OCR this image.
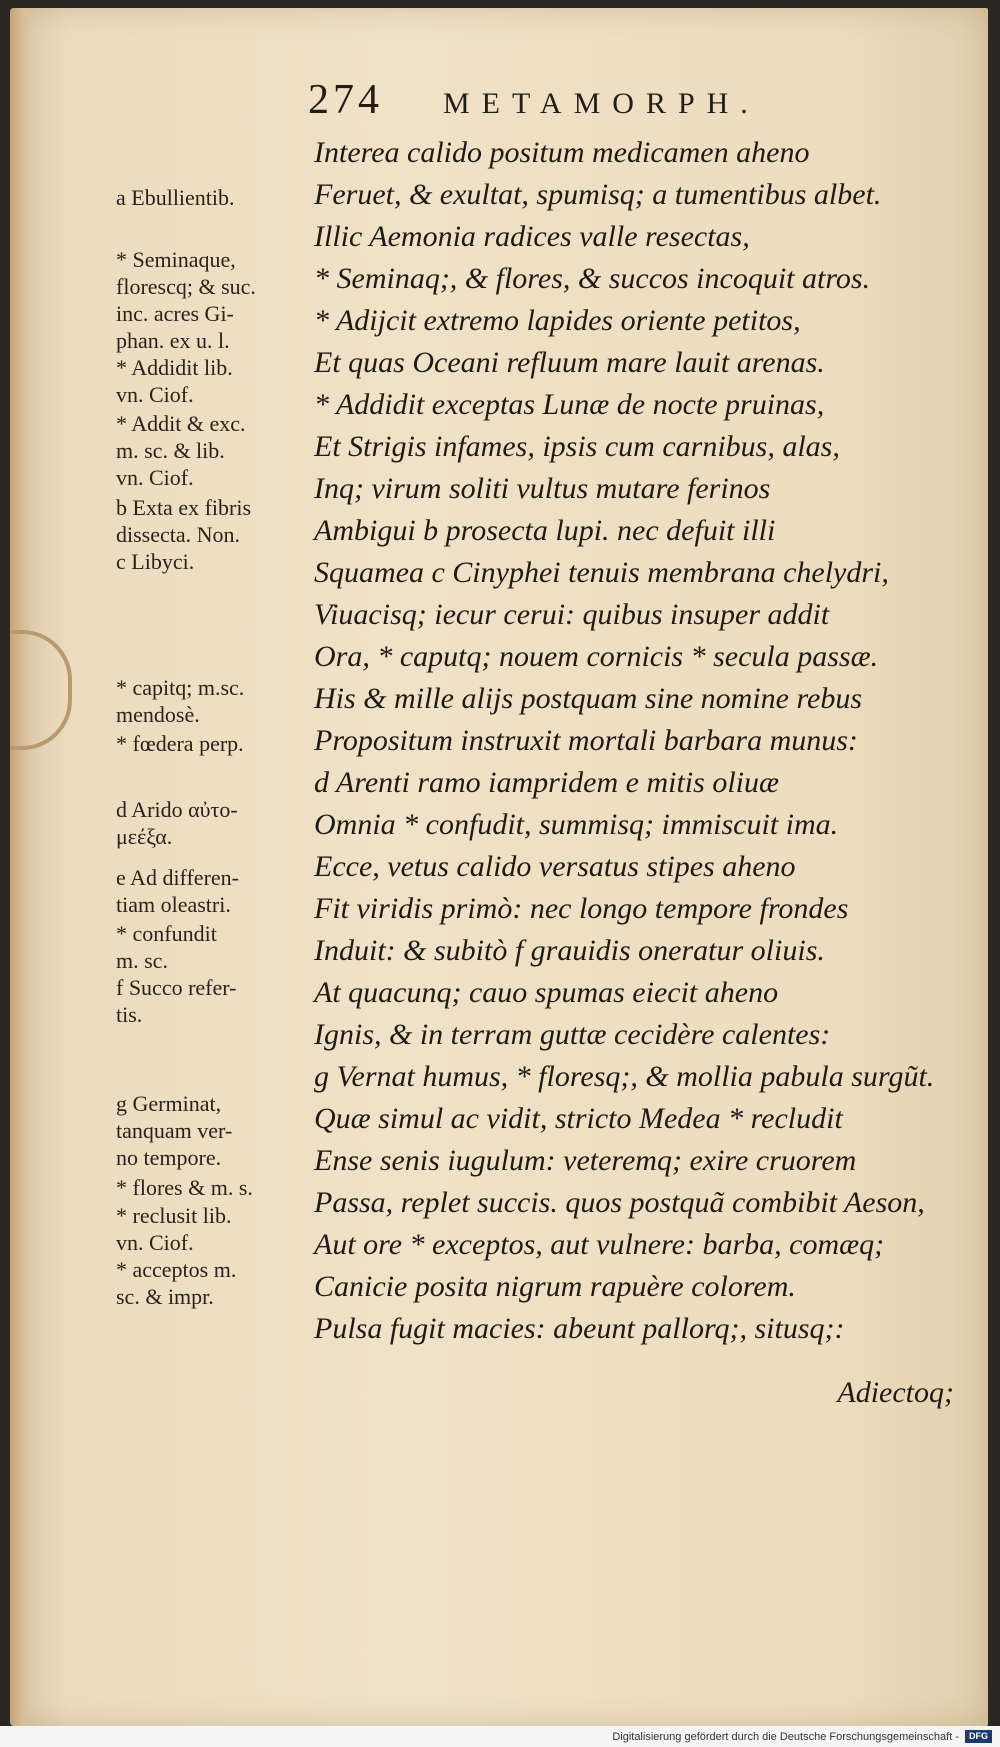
274 METAMORPH.
a Ebullientib.
* Seminaque,
florescq; & suc.
inc. acres Gi-
phan. ex u. l.
* Addidit lib.
vn. Ciof.
* Addit & exc.
m. sc. & lib.
vn. Ciof.
b Exta ex fibris
dissecta. Non.
c Libyci.
* capitq; m.sc.
mendosè.
* fœdera perp.
d Arido αὐτο-
μεέξα.
e Ad differen-
tiam oleastri.
* confundit
m. sc.
f Succo refer-
tis.
g Germinat,
tanquam ver-
no tempore.
* flores & m. s.
* reclusit lib.
vn. Ciof.
* acceptos m.
sc. & impr.
Interea calido positum medicamen aheno
Feruet, & exultat, spumisq; a tumentibus albet.
Illic Aemonia radices valle resectas,
* Seminaq;, & flores, & succos incoquit atros.
* Adijcit extremo lapides oriente petitos,
Et quas Oceani refluum mare lauit arenas.
* Addidit exceptas Lunæ de nocte pruinas,
Et Strigis infames, ipsis cum carnibus, alas,
Inq; virum soliti vultus mutare ferinos
Ambigui b prosecta lupi. nec defuit illi
Squamea c Cinyphei tenuis membrana chelydri,
Viuacisq; iecur cerui: quibus insuper addit
Ora, * caputq; nouem cornicis * secula passæ.
His & mille alijs postquam sine nomine rebus
Propositum instruxit mortali barbara munus:
d Arenti ramo iampridem e mitis oliuæ
Omnia * confudit, summisq; immiscuit ima.
Ecce, vetus calido versatus stipes aheno
Fit viridis primò: nec longo tempore frondes
Induit: & subitò f grauidis oneratur oliuis.
At quacunq; cauo spumas eiecit aheno
Ignis, & in terram guttæ cecidère calentes:
g Vernat humus, * floresq;, & mollia pabula surgũt.
Quæ simul ac vidit, stricto Medea * recludit
Ense senis iugulum: veteremq; exire cruorem
Passa, replet succis. quos postquã combibit Aeson,
Aut ore * exceptos, aut vulnere: barba, comæq;
Canicie posita nigrum rapuère colorem.
Pulsa fugit macies: abeunt pallorq;, situsq;:
Adiectoq;
Digitalisierung gefördert durch die Deutsche Forschungsgemeinschaft -	DFG
